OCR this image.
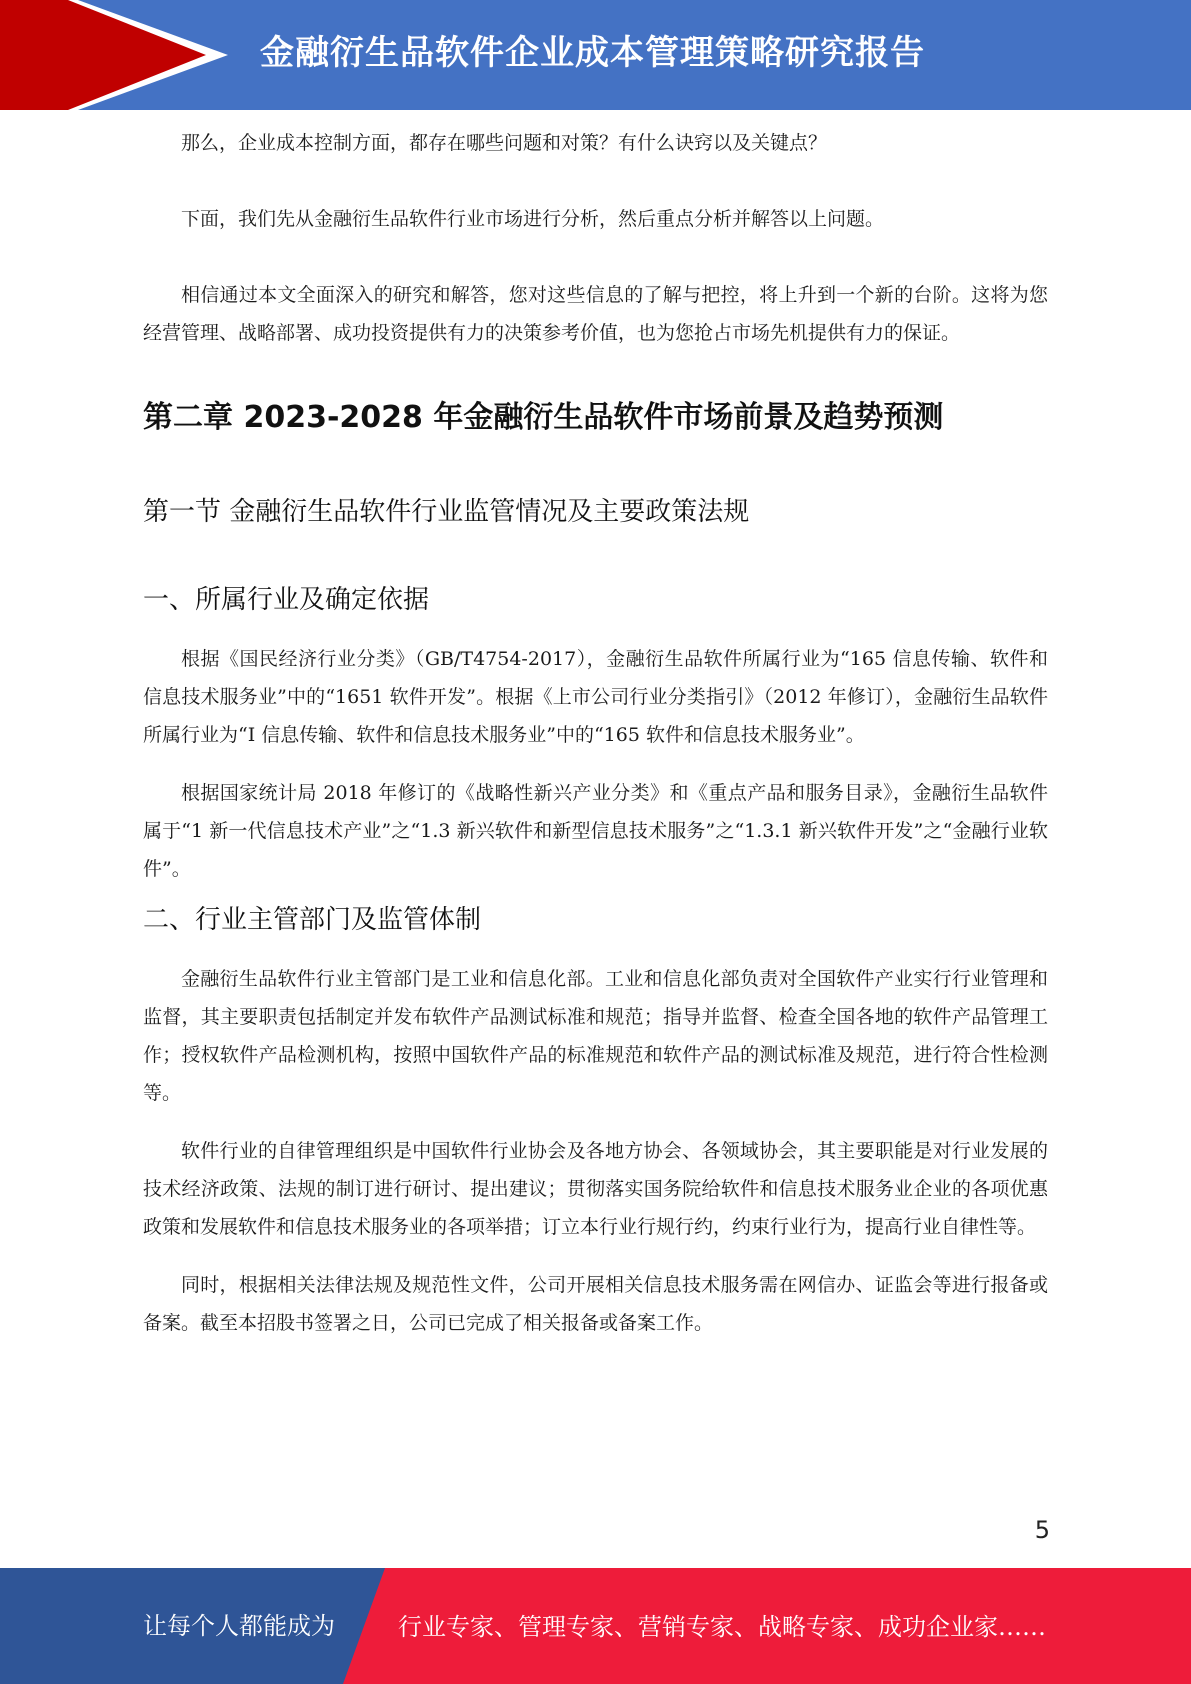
金融衍生品软件企业成本管理策略研究报告

那么，企业成本控制方面，都存在哪些问题和对策？有什么诀窍以及关键点？

下面，我们先从金融衍生品软件行业市场进行分析，然后重点分析并解答以上问题。

相信通过本文全面深入的研究和解答，您对这些信息的了解与把控，将上升到一个新的台阶。这将为您经营管理、战略部署、成功投资提供有力的决策参考价值，也为您抢占市场先机提供有力的保证。

第二章 2023-2028 年金融衍生品软件市场前景及趋势预测
第一节 金融衍生品软件行业监管情况及主要政策法规
一、所属行业及确定依据

根据《国民经济行业分类》（GB/T4754-2017），金融衍生品软件所属行业为“165 信息传输、软件和信息技术服务业”中的“1651 软件开发”。根据《上市公司行业分类指引》（2012 年修订），金融衍生品软件所属行业为“I 信息传输、软件和信息技术服务业”中的“165 软件和信息技术服务业”。

根据国家统计局 2018 年修订的《战略性新兴产业分类》和《重点产品和服务目录》，金融衍生品软件属于“1 新一代信息技术产业”之“1.3 新兴软件和新型信息技术服务”之“1.3.1 新兴软件开发”之“金融行业软件”。

二、行业主管部门及监管体制

金融衍生品软件行业主管部门是工业和信息化部。工业和信息化部负责对全国软件产业实行行业管理和监督，其主要职责包括制定并发布软件产品测试标准和规范；指导并监督、检查全国各地的软件产品管理工作；授权软件产品检测机构，按照中国软件产品的标准规范和软件产品的测试标准及规范，进行符合性检测等。

软件行业的自律管理组织是中国软件行业协会及各地方协会、各领域协会，其主要职能是对行业发展的技术经济政策、法规的制订进行研讨、提出建议；贯彻落实国务院给软件和信息技术服务业企业的各项优惠政策和发展软件和信息技术服务业的各项举措；订立本行业行规行约，约束行业行为，提高行业自律性等。

同时，根据相关法律法规及规范性文件，公司开展相关信息技术服务需在网信办、证监会等进行报备或备案。截至本招股书签署之日，公司已完成了相关报备或备案工作。

5
让每个人都能成为	行业专家、管理专家、营销专家、战略专家、成功企业家……
